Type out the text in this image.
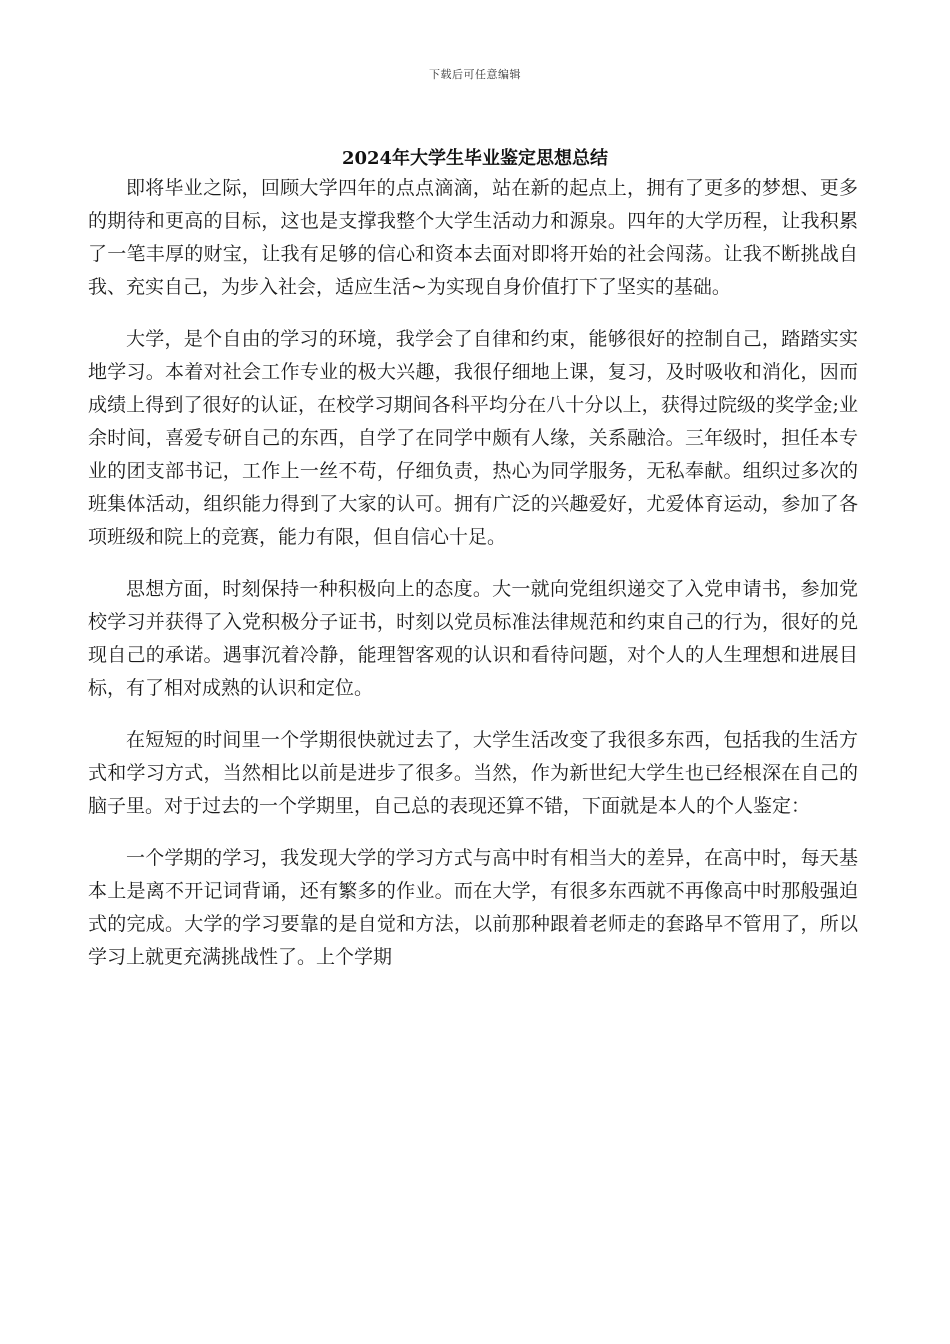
下载后可任意编辑
2024年大学生毕业鉴定思想总结

即将毕业之际，回顾大学四年的点点滴滴，站在新的起点上，拥有了更多的梦想、更多的期待和更高的目标，这也是支撑我整个大学生活动力和源泉。四年的大学历程，让我积累了一笔丰厚的财宝，让我有足够的信心和资本去面对即将开始的社会闯荡。让我不断挑战自我、充实自己，为步入社会，适应生活~为实现自身价值打下了坚实的基础。

大学，是个自由的学习的环境，我学会了自律和约束，能够很好的控制自己，踏踏实实地学习。本着对社会工作专业的极大兴趣，我很仔细地上课，复习，及时吸收和消化，因而成绩上得到了很好的认证，在校学习期间各科平均分在八十分以上，获得过院级的奖学金;业余时间，喜爱专研自己的东西，自学了在同学中颇有人缘，关系融洽。三年级时，担任本专业的团支部书记，工作上一丝不苟，仔细负责，热心为同学服务，无私奉献。组织过多次的班集体活动，组织能力得到了大家的认可。拥有广泛的兴趣爱好，尤爱体育运动，参加了各项班级和院上的竞赛，能力有限，但自信心十足。

思想方面，时刻保持一种积极向上的态度。大一就向党组织递交了入党申请书，参加党校学习并获得了入党积极分子证书，时刻以党员标准法律规范和约束自己的行为，很好的兑现自己的承诺。遇事沉着冷静，能理智客观的认识和看待问题，对个人的人生理想和进展目标，有了相对成熟的认识和定位。

在短短的时间里一个学期很快就过去了，大学生活改变了我很多东西，包括我的生活方式和学习方式，当然相比以前是进步了很多。当然，作为新世纪大学生也已经根深在自己的脑子里。对于过去的一个学期里，自己总的表现还算不错，下面就是本人的个人鉴定：

一个学期的学习，我发现大学的学习方式与高中时有相当大的差异，在高中时，每天基本上是离不开记词背诵，还有繁多的作业。而在大学，有很多东西就不再像高中时那般强迫式的完成。大学的学习要靠的是自觉和方法，以前那种跟着老师走的套路早不管用了，所以学习上就更充满挑战性了。上个学期
